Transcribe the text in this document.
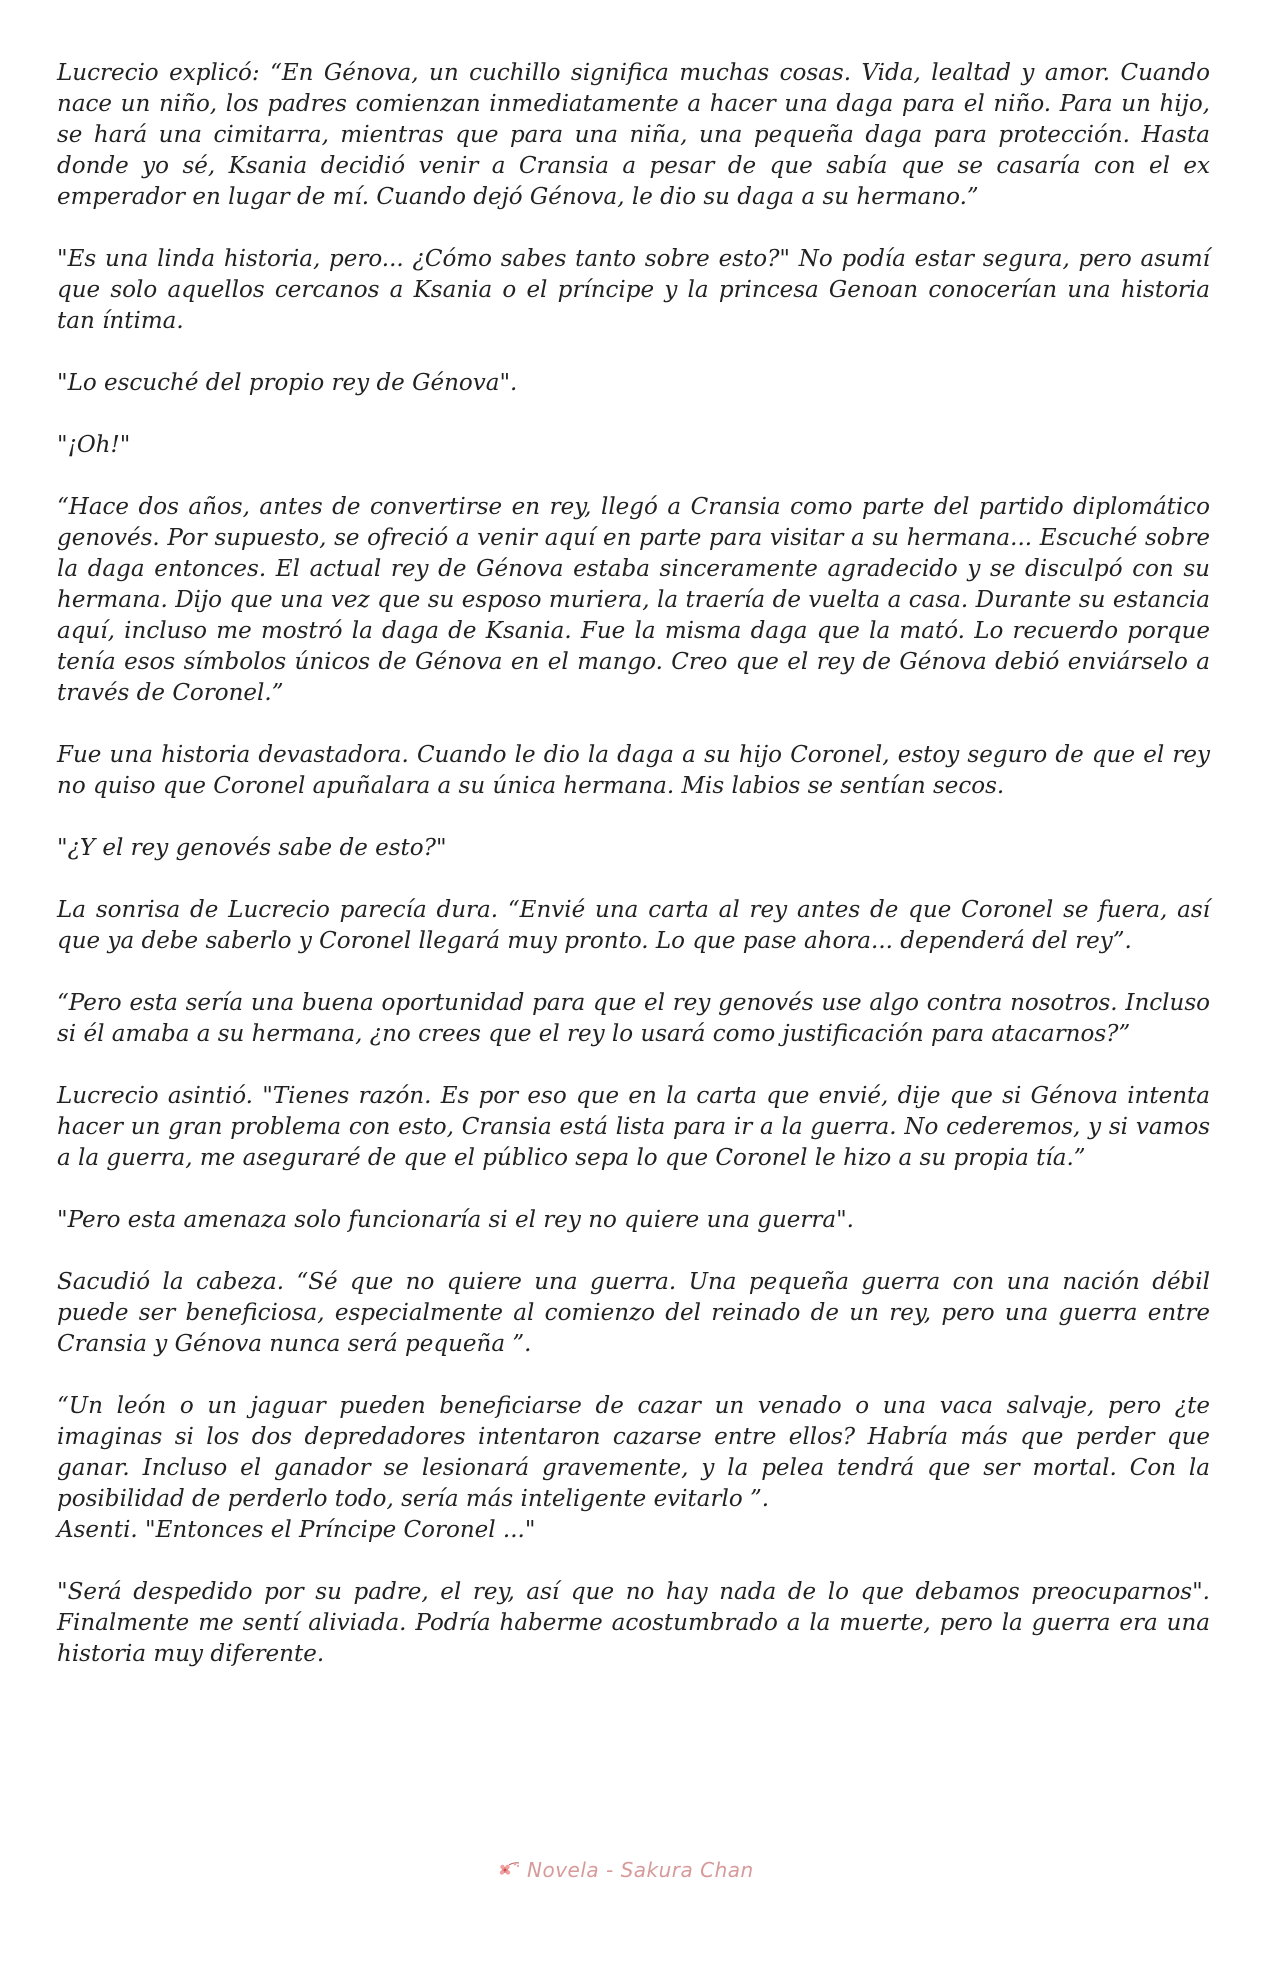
Lucrecio explicó: “En Génova, un cuchillo significa muchas cosas. Vida, lealtad y amor. Cuando nace un niño, los padres comienzan inmediatamente a hacer una daga para el niño. Para un hijo, se hará una cimitarra, mientras que para una niña, una pequeña daga para protección. Hasta donde yo sé, Ksania decidió venir a Cransia a pesar de que sabía que se casaría con el ex emperador en lugar de mí. Cuando dejó Génova, le dio su daga a su hermano.”

"Es una linda historia, pero... ¿Cómo sabes tanto sobre esto?" No podía estar segura, pero asumí que solo aquellos cercanos a Ksania o el príncipe y la princesa Genoan conocerían una historia tan íntima.

"Lo escuché del propio rey de Génova".

"¡Oh!"

“Hace dos años, antes de convertirse en rey, llegó a Cransia como parte del partido diplomático genovés. Por supuesto, se ofreció a venir aquí en parte para visitar a su hermana... Escuché sobre la daga entonces. El actual rey de Génova estaba sinceramente agradecido y se disculpó con su hermana. Dijo que una vez que su esposo muriera, la traería de vuelta a casa. Durante su estancia aquí, incluso me mostró la daga de Ksania. Fue la misma daga que la mató. Lo recuerdo porque tenía esos símbolos únicos de Génova en el mango. Creo que el rey de Génova debió enviárselo a través de Coronel.”

Fue una historia devastadora. Cuando le dio la daga a su hijo Coronel, estoy seguro de que el rey no quiso que Coronel apuñalara a su única hermana. Mis labios se sentían secos.

"¿Y el rey genovés sabe de esto?"

La sonrisa de Lucrecio parecía dura. “Envié una carta al rey antes de que Coronel se fuera, así que ya debe saberlo y Coronel llegará muy pronto. Lo que pase ahora... dependerá del rey”.

“Pero esta sería una buena oportunidad para que el rey genovés use algo contra nosotros. Incluso si él amaba a su hermana, ¿no crees que el rey lo usará como justificación para atacarnos?”

Lucrecio asintió. "Tienes razón. Es por eso que en la carta que envié, dije que si Génova intenta hacer un gran problema con esto, Cransia está lista para ir a la guerra. No cederemos, y si vamos a la guerra, me aseguraré de que el público sepa lo que Coronel le hizo a su propia tía.”

"Pero esta amenaza solo funcionaría si el rey no quiere una guerra".

Sacudió la cabeza. “Sé que no quiere una guerra. Una pequeña guerra con una nación débil puede ser beneficiosa, especialmente al comienzo del reinado de un rey, pero una guerra entre Cransia y Génova nunca será pequeña ”.

“Un león o un jaguar pueden beneficiarse de cazar un venado o una vaca salvaje, pero ¿te imaginas si los dos depredadores intentaron cazarse entre ellos? Habría más que perder que ganar. Incluso el ganador se lesionará gravemente, y la pelea tendrá que ser mortal. Con la posibilidad de perderlo todo, sería más inteligente evitarlo ”.

Asenti. "Entonces el Príncipe Coronel ..."

"Será despedido por su padre, el rey, así que no hay nada de lo que debamos preocuparnos". Finalmente me sentí aliviada. Podría haberme acostumbrado a la muerte, pero la guerra era una historia muy diferente.

Novela - Sakura Chan
